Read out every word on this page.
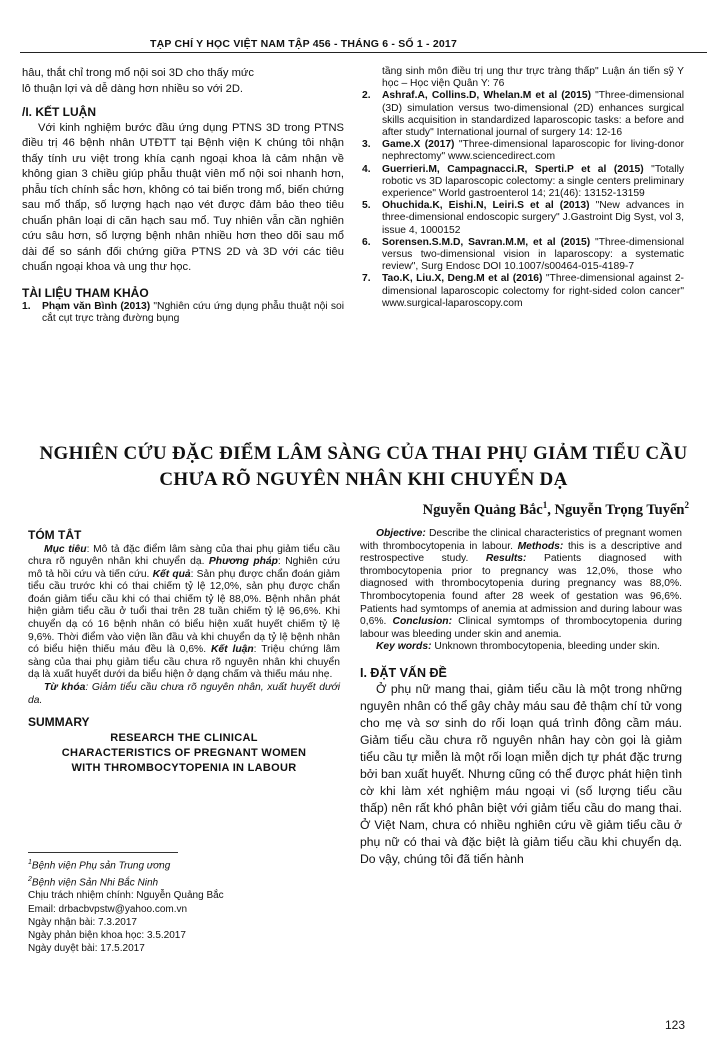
TẠP CHÍ Y HỌC VIỆT NAM TẬP 456 - THÁNG 6 - SỐ 1 - 2017

hâu, thắt chỉ trong mổ nội soi 3D cho thấy mức

lô thuận lợi và dễ dàng hơn nhiều so với 2D.

/I. KẾT LUẬN

Với kinh nghiệm bước đầu ứng dụng PTNS 3D trong PTNS điều trị 46 bệnh nhân UTĐTT tại Bệnh viện K chúng tôi nhận thấy tính ưu việt trong khía cạnh ngoại khoa là cảm nhận về không gian 3 chiều giúp phẫu thuật viên mổ nội soi nhanh hơn, phẫu tích chính sắc hơn, không có tai biến trong mổ, biến chứng sau mổ thấp, số lượng hạch nạo vét được đảm bảo theo tiêu chuẩn phân loại di căn hạch sau mổ. Tuy nhiên vẫn cần nghiên cứu sâu hơn, số lượng bệnh nhân nhiều hơn theo dõi sau mổ dài để so sánh đối chứng giữa PTNS 2D và 3D với các tiêu chuẩn ngoại khoa và ung thư học.

TÀI LIỆU THAM KHẢO

1. Phạm văn Bình (2013) "Nghiên cứu ứng dụng phẫu thuật nội soi cắt cụt trực tràng đường bụng

tầng sinh môn điều trị ung thư trực tràng thấp" Luận án tiến sỹ Y học – Học viện Quân Y: 76

2. Ashraf.A, Collins.D, Whelan.M et al (2015) "Three-dimensional (3D) simulation versus two-dimensional (2D) enhances surgical skills acquisition in standardized laparoscopic tasks: a before and after study" International journal of surgery 14: 12-16

3. Game.X (2017) "Three-dimensional laparoscopic for living-donor nephrectomy" www.sciencedirect.com

4. Guerrieri.M, Campagnacci.R, Sperti.P et al (2015) "Totally robotic vs 3D laparoscopic colectomy: a single centers preliminary experience" World gastroenterol 14; 21(46): 13152-13159

5. Ohuchida.K, Eishi.N, Leiri.S et al (2013) "New advances in three-dimensional endoscopic surgery" J.Gastroint Dig Syst, vol 3, issue 4, 1000152

6. Sorensen.S.M.D, Savran.M.M, et al (2015) "Three-dimensional versus two-dimensional vision in laparoscopy: a systematic review", Surg Endosc DOI 10.1007/s00464-015-4189-7

7. Tao.K, Liu.X, Deng.M et al (2016) "Three-dimensional against 2- dimensional laparoscopic colectomy for right-sided colon cancer" www.surgical-laparoscopy.com

NGHIÊN CỨU ĐẶC ĐIỂM LÂM SÀNG CỦA THAI PHỤ GIẢM TIỂU CẦU
CHƯA RÕ NGUYÊN NHÂN KHI CHUYỂN DẠ
Nguyễn Quảng Bắc$^1$, Nguyễn Trọng Tuyển$^2$

TÓM TẮT

Mục tiêu: Mô tả đặc điểm lâm sàng của thai phụ giảm tiểu cầu chưa rõ nguyên nhân khi chuyển dạ. Phương pháp: Nghiên cứu mô tả hồi cứu và tiến cứu. Kết quả: Sản phụ được chẩn đoán giảm tiểu cầu trước khi có thai chiếm tỷ lệ 12,0%, sản phụ được chẩn đoán giảm tiểu cầu khi có thai chiếm tỷ lệ 88,0%. Bệnh nhân phát hiện giảm tiểu cầu ở tuổi thai trên 28 tuần chiếm tỷ lệ 96,6%. Khi chuyển dạ có 16 bệnh nhân có biểu hiện xuất huyết chiếm tỷ lệ 9,6%. Thời điểm vào viện lần đầu và khi chuyển dạ tỷ lệ bệnh nhân có biểu hiện thiếu máu đều là 0,6%. Kết luận: Triệu chứng lâm sàng của thai phụ giảm tiểu cầu chưa rõ nguyên nhân khi chuyển dạ là xuất huyết dưới da biểu hiện ở dạng chấm và thiếu máu nhẹ.

Từ khóa: Giảm tiểu cầu chưa rõ nguyên nhân, xuất huyết dưới da.

SUMMARY

RESEARCH THE CLINICAL
CHARACTERISTICS OF PREGNANT WOMEN
WITH THROMBOCYTOPENIA IN LABOUR
$^1$Bệnh viện Phụ sản Trung ương
$^2$Bệnh viện Sản Nhi Bắc Ninh
Chịu trách nhiệm chính: Nguyễn Quảng Bắc
Email: drbacbvpstw@yahoo.com.vn
Ngày nhận bài: 7.3.2017
Ngày phản biện khoa học: 3.5.2017
Ngày duyệt bài: 17.5.2017

Objective: Describe the clinical characteristics of pregnant women with thrombocytopenia in labour. Methods: this is a descriptive and restrospective study. Results: Patients diagnosed with thrombocytopenia prior to pregnancy was 12,0%, those who diagnosed with thrombocytopenia during pregnancy was 88,0%. Thrombocytopenia found after 28 week of gestation was 96,6%. Patients had symtomps of anemia at admission and during labour was 0,6%. Conclusion: Clinical symtomps of thrombocytopenia during labour was bleeding under skin and anemia.

Key words: Unknown thrombocytopenia, bleeding under skin.

I. ĐẶT VẤN ĐỀ

Ở phụ nữ mang thai, giảm tiểu cầu là một trong những nguyên nhân có thể gây chảy máu sau đẻ thậm chí tử vong cho mẹ và sơ sinh do rối loạn quá trình đông cầm máu. Giảm tiểu cầu chưa rõ nguyên nhân hay còn gọi là giảm tiểu cầu tự miễn là một rối loạn miễn dịch tự phát đặc trưng bởi ban xuất huyết. Nhưng cũng có thể được phát hiện tình cờ khi làm xét nghiệm máu ngoại vi (số lượng tiểu cầu thấp) nên rất khó phân biệt với giảm tiểu cầu do mang thai. Ở Việt Nam, chưa có nhiều nghiên cứu về giảm tiểu cầu ở phụ nữ có thai và đặc biệt là giảm tiểu cầu khi chuyển dạ. Do vậy, chúng tôi đã tiến hành

123
